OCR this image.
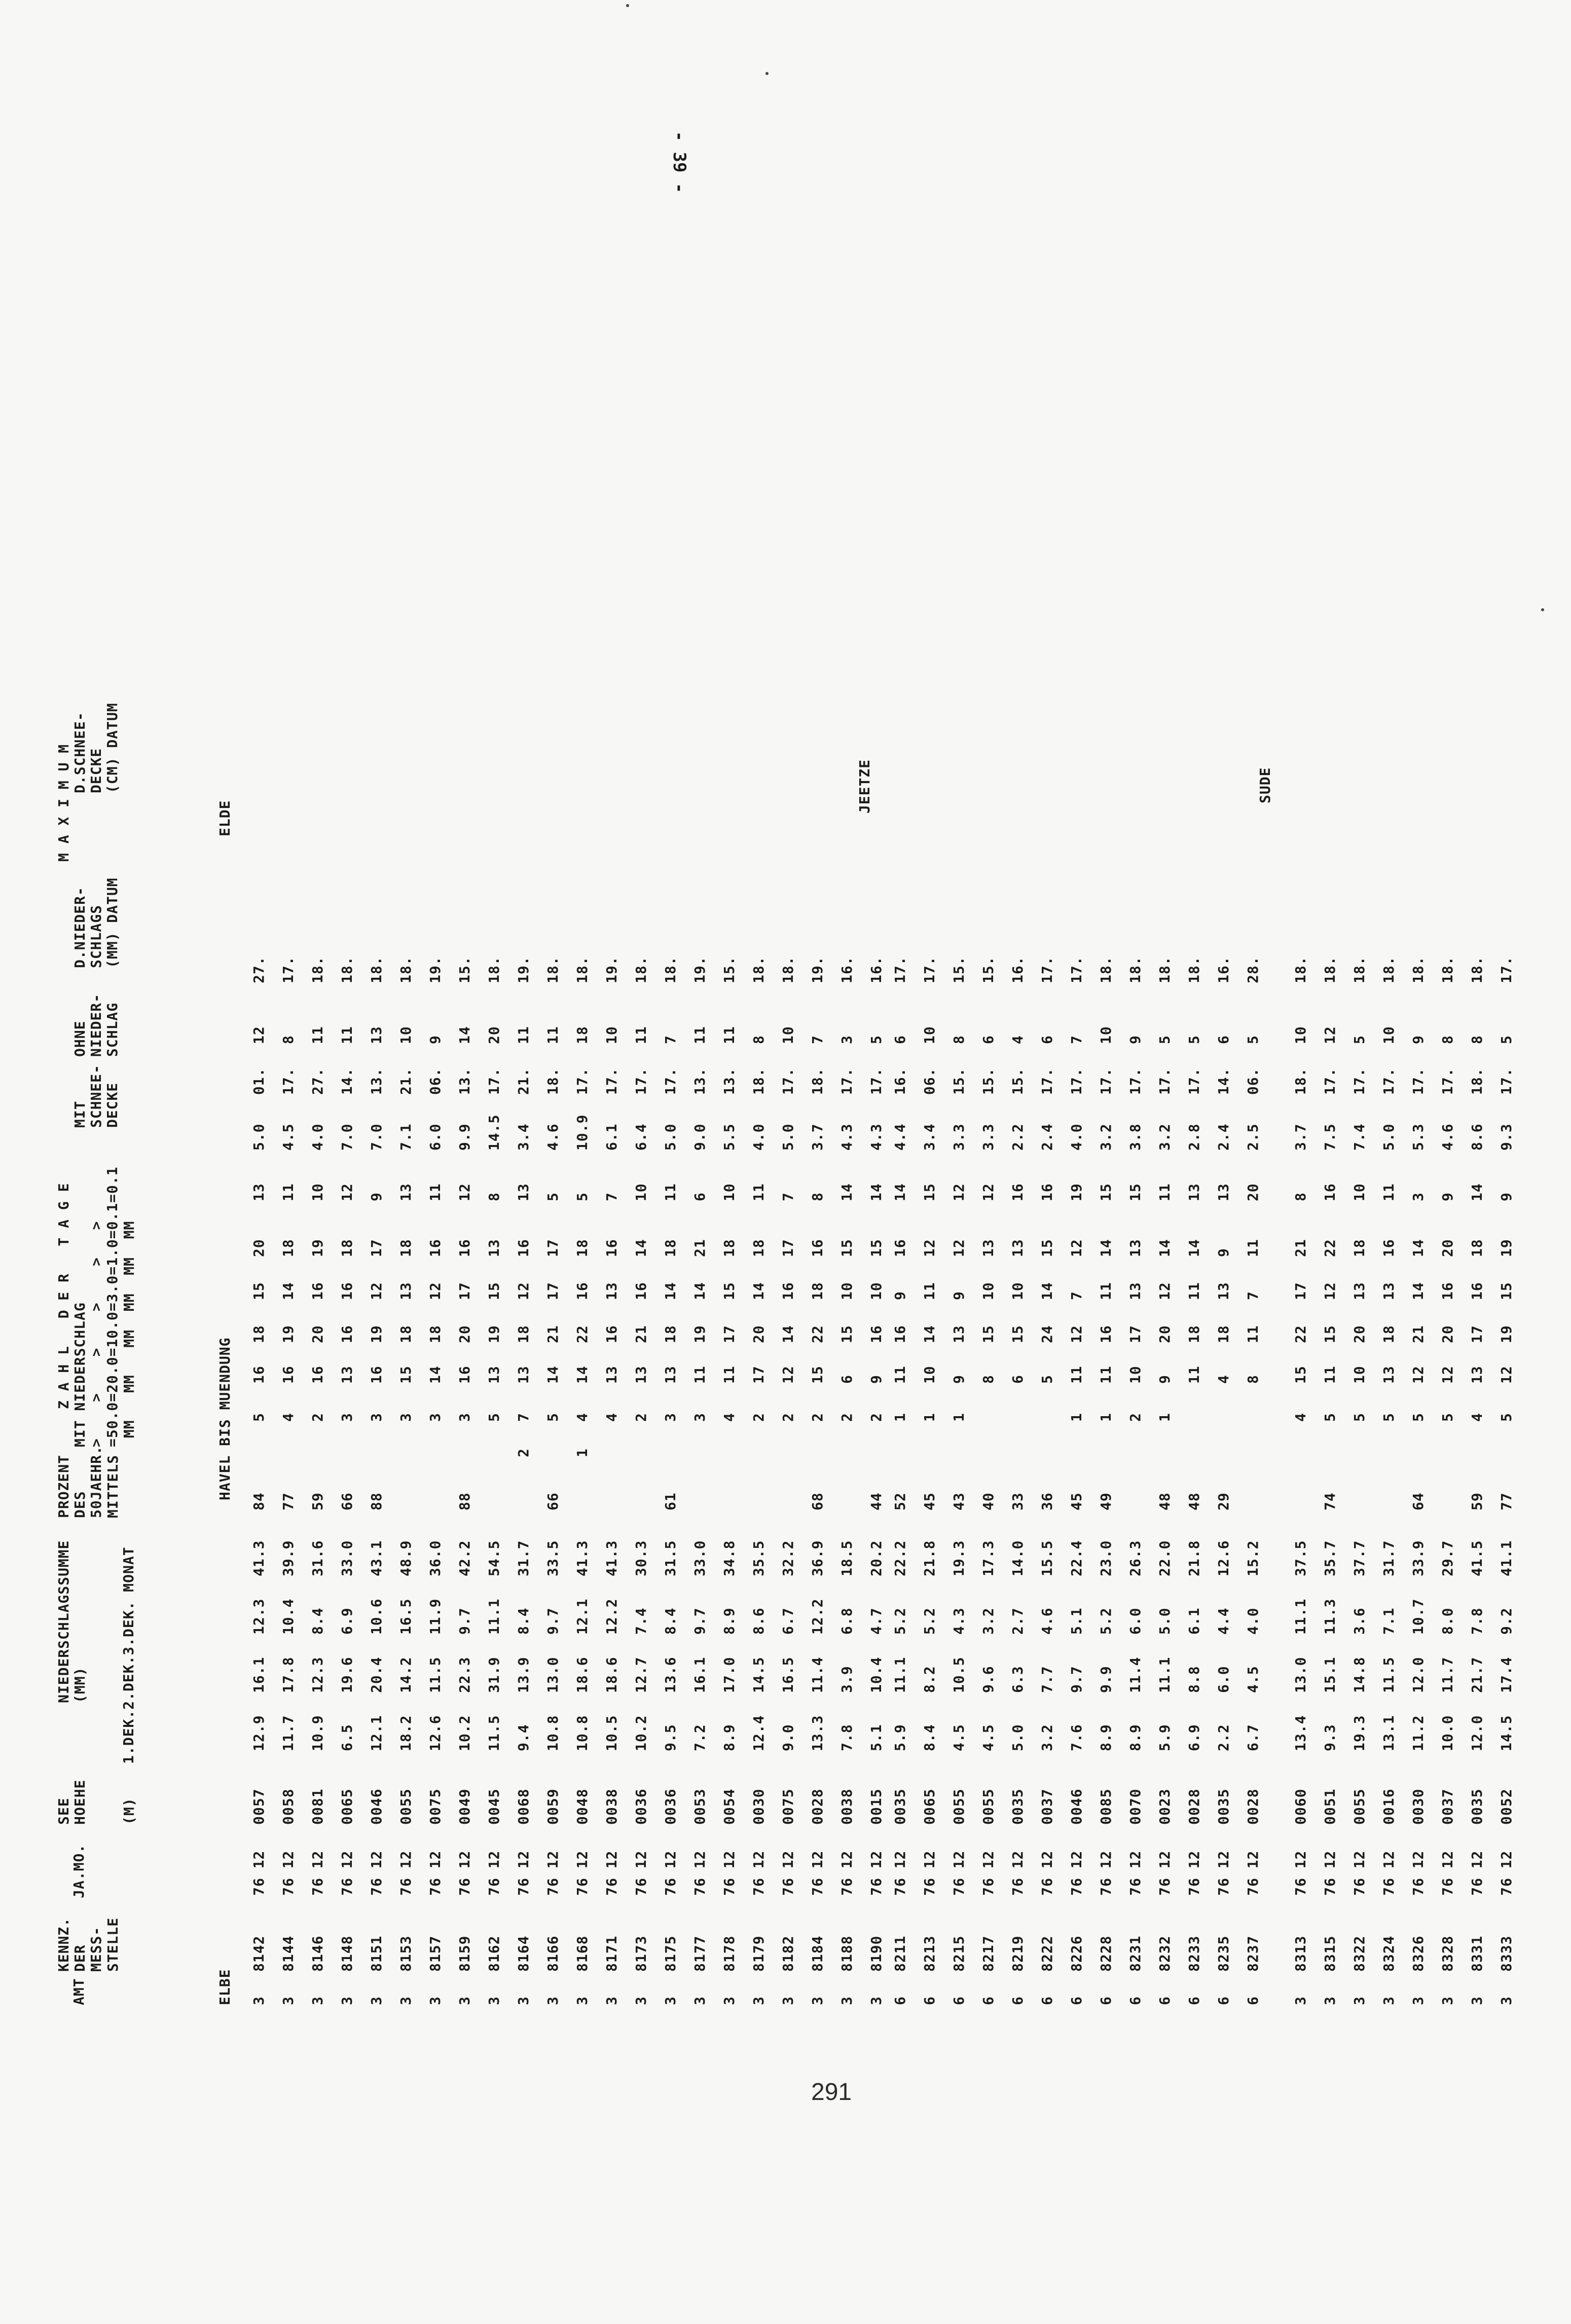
- 39 -
291
AMT
KENNZ.
DER
MESS-
STELLE
JA.MO.
SEE
HOEHE

(M)
NIEDERSCHLAGSSUMME
(MM) 1.DEK.2.DEK.3.DEK. MONAT
PROZENT
DES
50JAEHR.
MITTELS
Z A H L   D E R   T A G E
MIT NIEDERSCHLAG
>    >    >    >    >   >
=50.0=20.0=10.0=3.0=1.0=0.1=0.1
MM   MM   MM  MM  MM  MM
MIT
SCHNEE-
DECKE
OHNE
NIEDER-
SCHLAG
M A X I M U M
D.NIEDER-
SCHLAGS
(MM) DATUM
D.SCHNEE-
DECKE
(CM) DATUM
ELBE
HAVEL BIS MUENDUNG
ELDE
JEETZE	SUDE
3
8142
76 12
0057
12.9
16.1
12.3
41.3
84
5
16
18
15
20
13
5.0
01.
12
27.
3
8144
76 12
0058
11.7
17.8
10.4
39.9
77
4
16
19
14
18
11
4.5
17.
8
17.
3
8146
76 12
0081
10.9
12.3
8.4
31.6
59
2
16
20
16
19
10
4.0
27.
11
18.
3
8148
76 12
0065
6.5
19.6
6.9
33.0
66
3
13
16
16
18
12
7.0
14.
11
18.
3
8151
76 12
0046
12.1
20.4
10.6
43.1
88
3
16
19
12
17
9
7.0
13.
13
18.
3
8153
76 12
0055
18.2
14.2
16.5
48.9
3
15
18
13
18
13
7.1
21.
10
18.
3
8157
76 12
0075
12.6
11.5
11.9
36.0
3
14
18
12
16
11
6.0
06.
9
19.
3
8159
76 12
0049
10.2
22.3
9.7
42.2
88
3
16
20
17
16
12
9.9
13.
14
15.
3
8162
76 12
0045
11.5
31.9
11.1
54.5
5
13
19
15
13
8
14.5
17.
20
18.
3
8164
76 12
0068
9.4
13.9
8.4
31.7
2
7
13
18
12
16
13
3.4
21.
11
19.
3
8166
76 12
0059
10.8
13.0
9.7
33.5
66
5
14
21
17
17
5
4.6
18.
11
18.
3
8168
76 12
0048
10.8
18.6
12.1
41.3
1
4
14
22
16
18
5
10.9
17.
18
18.
3
8171
76 12
0038
10.5
18.6
12.2
41.3
4
13
16
13
16
7
6.1
17.
10
19.
3
8173
76 12
0036
10.2
12.7
7.4
30.3
2
13
21
16
14
10
6.4
17.
11
18.
3
8175
76 12
0036
9.5
13.6
8.4
31.5
61
3
13
18
14
18
11
5.0
17.
7
18.
3
8177
76 12
0053
7.2
16.1
9.7
33.0
3
11
19
14
21
6
9.0
13.
11
19.
3
8178
76 12
0054
8.9
17.0
8.9
34.8
4
11
17
15
18
10
5.5
13.
11
15.
3
8179
76 12
0030
12.4
14.5
8.6
35.5
2
17
20
14
18
11
4.0
18.
8
18.
3
8182
76 12
0075
9.0
16.5
6.7
32.2
2
12
14
16
17
7
5.0
17.
10
18.
3
8184
76 12
0028
13.3
11.4
12.2
36.9
68
2
15
22
18
16
8
3.7
18.
7
19.
3
8188
76 12
0038
7.8
3.9
6.8
18.5
2
6
15
10
15
14
4.3
17.
3
16.
3
8190
76 12
0015
5.1
10.4
4.7
20.2
44
2
9
16
10
15
14
4.3
17.
5
16.
6
8211
76 12
0035
5.9
11.1
5.2
22.2
52
1
11
16
9
16
14
4.4
16.
6
17.
6
8213
76 12
0065
8.4
8.2
5.2
21.8
45
1
10
14
11
12
15
3.4
06.
10
17.
6
8215
76 12
0055
4.5
10.5
4.3
19.3
43
1
9
13
9
12
12
3.3
15.
8
15.
6
8217
76 12
0055
4.5
9.6
3.2
17.3
40
8
15
10
13
12
3.3
15.
6
15.
6
8219
76 12
0035
5.0
6.3
2.7
14.0
33
6
15
10
13
16
2.2
15.
4
16.
6
8222
76 12
0037
3.2
7.7
4.6
15.5
36
5
24
14
15
16
2.4
17.
6
17.
6
8226
76 12
0046
7.6
9.7
5.1
22.4
45
1
11
12
7
12
19
4.0
17.
7
17.
6
8228
76 12
0085
8.9
9.9
5.2
23.0
49
1
11
16
11
14
15
3.2
17.
10
18.
6
8231
76 12
0070
8.9
11.4
6.0
26.3
2
10
17
13
13
15
3.8
17.
9
18.
6
8232
76 12
0023
5.9
11.1
5.0
22.0
48
1
9
20
12
14
11
3.2
17.
5
18.
6
8233
76 12
0028
6.9
8.8
6.1
21.8
48
11
18
11
14
13
2.8
17.
5
18.
6
8235
76 12
0035
2.2
6.0
4.4
12.6
29
4
18
13
9
13
2.4
14.
6
16.
6
8237
76 12
0028
6.7
4.5
4.0
15.2
8
11
7
11
20
2.5
06.
5
28.
3
8313
76 12
0060
13.4
13.0
11.1
37.5
4
15
22
17
21
8
3.7
18.
10
18.
3
8315
76 12
0051
9.3
15.1
11.3
35.7
74
5
11
15
12
22
16
7.5
17.
12
18.
3
8322
76 12
0055
19.3
14.8
3.6
37.7
5
10
20
13
18
10
7.4
17.
5
18.
3
8324
76 12
0016
13.1
11.5
7.1
31.7
5
13
18
13
16
11
5.0
17.
10
18.
3
8326
76 12
0030
11.2
12.0
10.7
33.9
64
5
12
21
14
14
3
5.3
17.
9
18.
3
8328
76 12
0037
10.0
11.7
8.0
29.7
5
12
20
16
20
9
4.6
17.
8
18.
3
8331
76 12
0035
12.0
21.7
7.8
41.5
59
4
13
17
16
18
14
8.6
18.
8
18.
3
8333
76 12
0052
14.5
17.4
9.2
41.1
77
5
12
19
15
19
9
9.3
17.
5
17.
